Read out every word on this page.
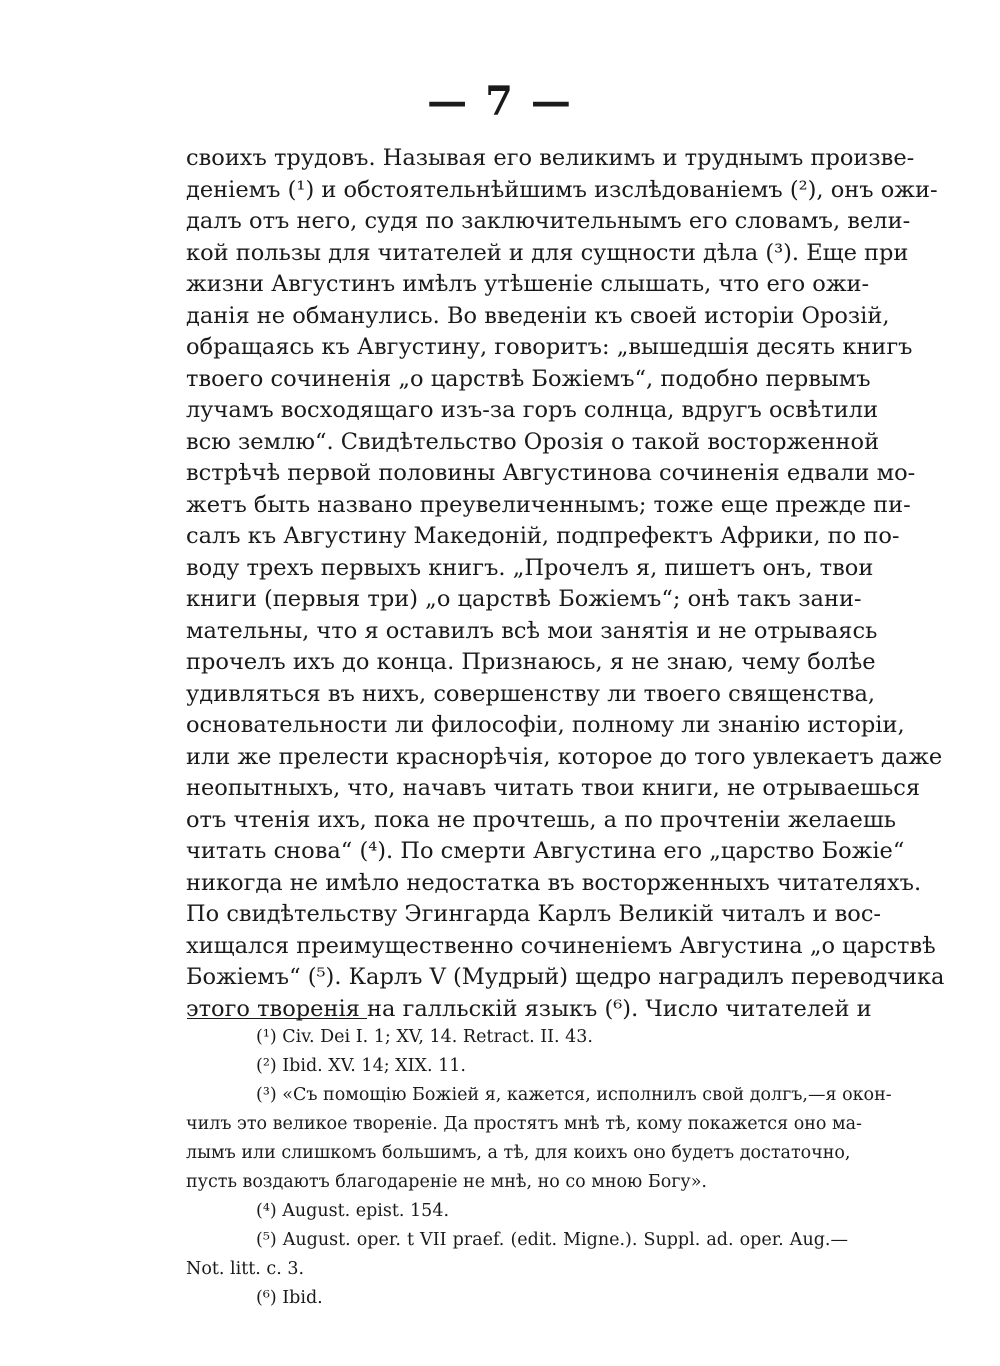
— 7 —
своихъ трудовъ. Называя его великимъ и труднымъ произве-
деніемъ (¹) и обстоятельнѣйшимъ изслѣдованіемъ (²), онъ ожи-
далъ отъ него, судя по заключительнымъ его словамъ, вели-
кой пользы для читателей и для сущности дѣла (³). Еще при
жизни Августинъ имѣлъ утѣшеніе слышать, что его ожи-
данія не обманулись. Во введеніи къ своей исторіи Орозій,
обращаясь къ Августину, говоритъ: „вышедшія десять книгъ
твоего сочиненія „о царствѣ Божіемъ“, подобно первымъ
лучамъ восходящаго изъ-за горъ солнца, вдругъ освѣтили
всю землю“. Свидѣтельство Орозія о такой восторженной
встрѣчѣ первой половины Августинова сочиненія едвали мо-
жетъ быть названо преувеличеннымъ; тоже еще прежде пи-
салъ къ Августину Македоній, подпрефектъ Африки, по по-
воду трехъ первыхъ книгъ. „Прочелъ я, пишетъ онъ, твои
книги (первыя три) „о царствѣ Божіемъ“; онѣ такъ зани-
мательны, что я оставилъ всѣ мои занятія и не отрываясь
прочелъ ихъ до конца. Признаюсь, я не знаю, чему болѣе
удивляться въ нихъ, совершенству ли твоего священства,
основательности ли философіи, полному ли знанію исторіи,
или же прелести краснорѣчія, которое до того увлекаетъ даже
неопытныхъ, что, начавъ читать твои книги, не отрываешься
отъ чтенія ихъ, пока не прочтешь, а по прочтеніи желаешь
читать снова“ (⁴). По смерти Августина его „царство Божіе“
никогда не имѣло недостатка въ восторженныхъ читателяхъ.
По свидѣтельству Эгингарда Карлъ Великій читалъ и вос-
хищался преимущественно сочиненіемъ Августина „о царствѣ
Божіемъ“ (⁵). Карлъ V (Мудрый) щедро наградилъ переводчика
этого творенія на галльскій языкъ (⁶). Число читателей и
(¹) Civ. Dei I. 1; XV, 14. Retract. II. 43.
(²) Ibid. XV. 14; XIX. 11.
(³) «Съ помощію Божіей я, кажется, исполнилъ свой долгъ,—я окон-
чилъ это великое твореніе. Да простятъ мнѣ тѣ, кому покажется оно ма-
лымъ или слишкомъ большимъ, а тѣ, для коихъ оно будетъ достаточно,
пусть воздаютъ благодареніе не мнѣ, но со мною Богу».
(⁴) August. epist. 154.
(⁵) August. oper. t VII praef. (edit. Migne.). Suppl. ad. oper. Aug.—
Not. litt. c. 3.
(⁶) Ibid.
